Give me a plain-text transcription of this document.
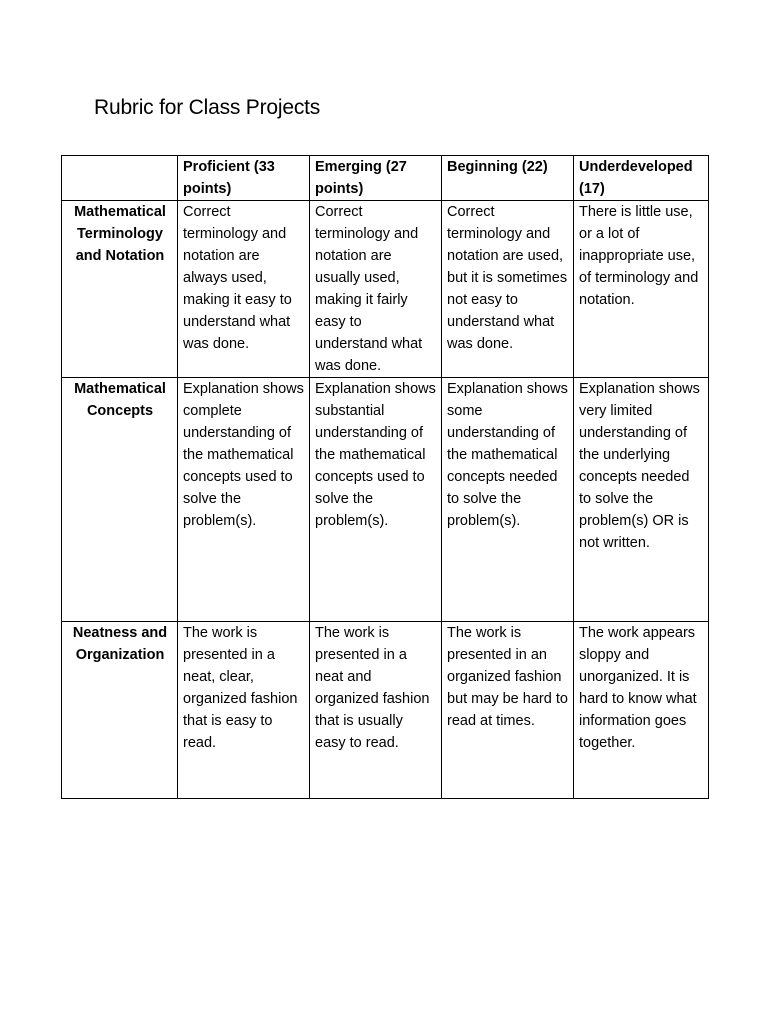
Rubric for Class Projects
	Proficient (33 points)	Emerging (27 points)	Beginning (22)	Underdeveloped (17)
Mathematical Terminology and Notation	Correct terminology and notation are always used, making it easy to understand what was done.	Correct terminology and notation are usually used, making it fairly easy to understand what was done.	Correct terminology and notation are used, but it is sometimes not easy to understand what was done.	There is little use, or a lot of inappropriate use, of terminology and notation.
Mathematical Concepts	Explanation shows complete understanding of the mathematical concepts used to solve the problem(s).	Explanation shows substantial understanding of the mathematical concepts used to solve the problem(s).	Explanation shows some understanding of the mathematical concepts needed to solve the problem(s).	Explanation shows very limited understanding of the underlying concepts needed to solve the problem(s) OR is not written.
Neatness and Organization	The work is presented in a neat, clear, organized fashion that is easy to read.	The work is presented in a neat and organized fashion that is usually easy to read.	The work is presented in an organized fashion but may be hard to read at times.	The work appears sloppy and unorganized. It is hard to know what information goes together.
